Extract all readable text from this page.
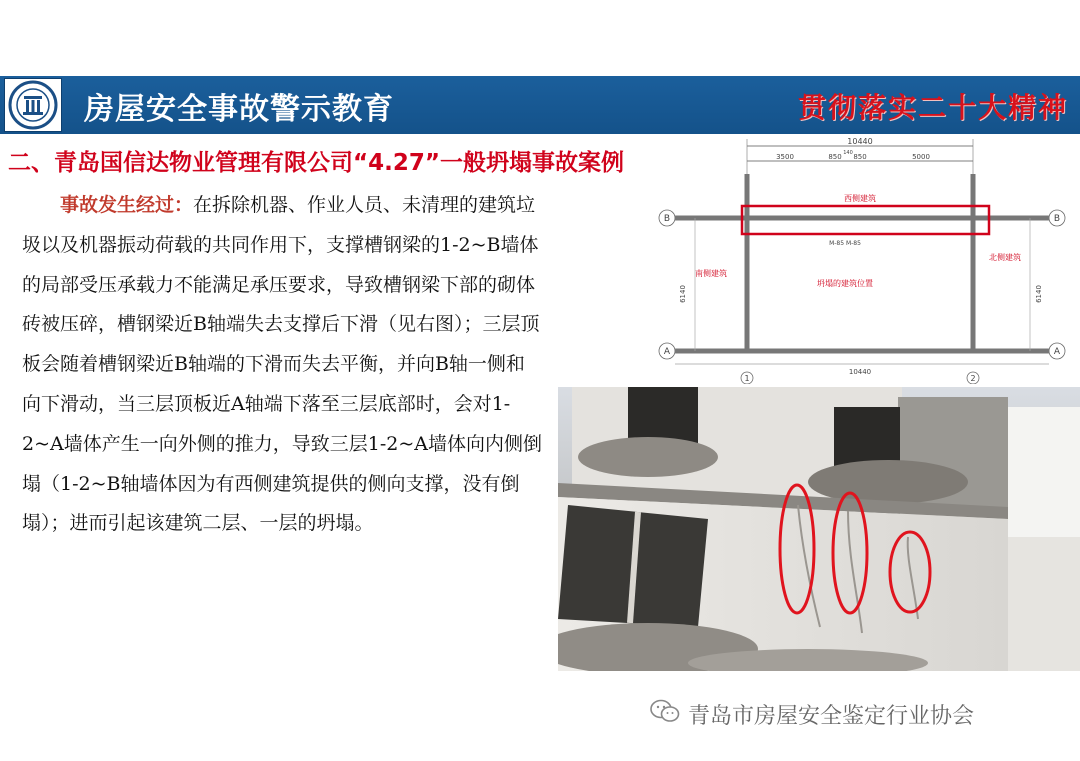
房屋安全事故警示教育	贯彻落实二十大精神
二、青岛国信达物业管理有限公司“4.27”一般坍塌事故案例
事故发生经过：在拆除机器、作业人员、未清理的建筑垃圾以及机器振动荷载的共同作用下，支撑槽钢梁的1-2~B墙体的局部受压承载力不能满足承压要求，导致槽钢梁下部的砌体砖被压碎，槽钢梁近B轴端失去支撑后下滑（见右图）；三层顶板会随着槽钢梁近B轴端的下滑而失去平衡，并向B轴一侧和向下滑动，当三层顶板近A轴端下落至三层底部时，会对1-2~A墙体产生一向外侧的推力，导致三层1-2~A墙体向内侧倒塌（1-2~B轴墙体因为有西侧建筑提供的侧向支撑，没有倒塌）；进而引起该建筑二层、一层的坍塌。
10440
3500	850 140 850	5000
B	B
A	A
1	2
10440
6140	6140
西侧建筑
M-85 M-85
南侧建筑
北侧建筑
坍塌的建筑位置
青岛市房屋安全鉴定行业协会
